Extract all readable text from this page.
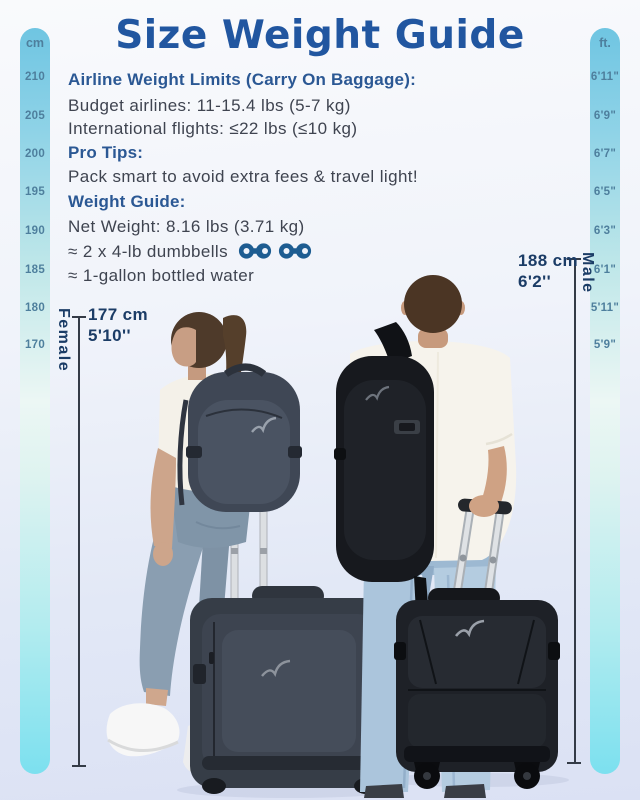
Size Weight Guide
cm
210
205
200
195
190
185
180
170
ft.
6'11"
6'9"
6'7"
6'5"
6'3"
6'1"
5'11"
5'9"
Airline Weight Limits (Carry On Baggage):
Budget airlines: 11-15.4 lbs (5-7 kg)
International flights: ≤22 lbs (≤10 kg)
Pro Tips:
Pack smart to avoid extra fees & travel light!
Weight Guide:
Net Weight: 8.16 lbs (3.71 kg)
≈ 2 x 4-lb dumbbells
≈ 1-gallon bottled water
177 cm
5'10''
Female
188 cm
6'2''	Male
